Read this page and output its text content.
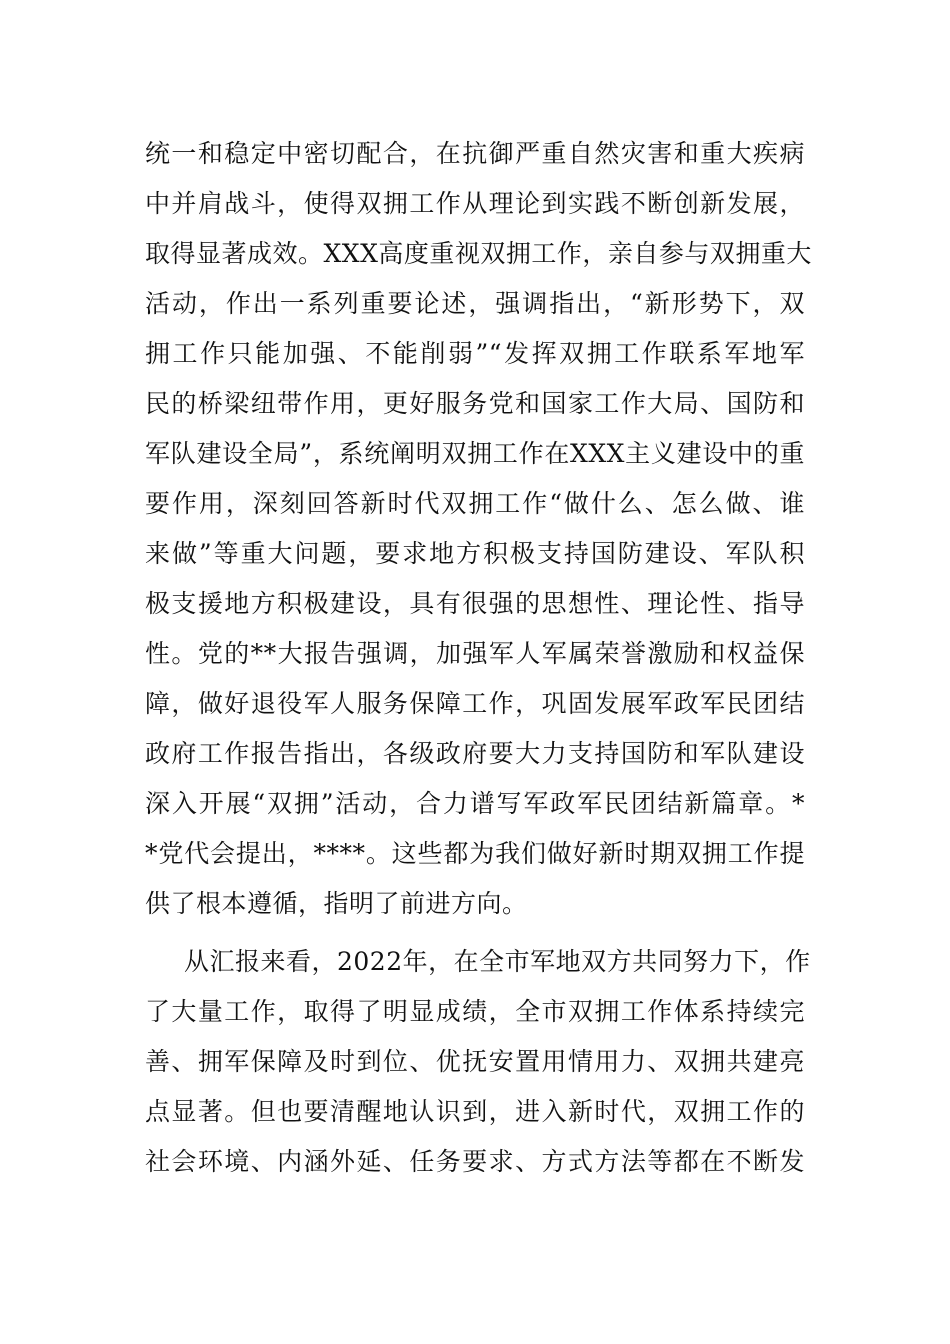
统一和稳定中密切配合，在抗御严重自然灾害和重大疾病
中并肩战斗，使得双拥工作从理论到实践不断创新发展，
取得显著成效。XXX高度重视双拥工作，亲自参与双拥重大
活动，作出一系列重要论述，强调指出，“新形势下，双
拥工作只能加强、不能削弱”“发挥双拥工作联系军地军
民的桥梁纽带作用，更好服务党和国家工作大局、国防和
军队建设全局”，系统阐明双拥工作在XXX主义建设中的重
要作用，深刻回答新时代双拥工作“做什么、怎么做、谁
来做”等重大问题，要求地方积极支持国防建设、军队积
极支援地方积极建设，具有很强的思想性、理论性、指导
性。党的**大报告强调，加强军人军属荣誉激励和权益保
障，做好退役军人服务保障工作，巩固发展军政军民团结
政府工作报告指出，各级政府要大力支持国防和军队建设
深入开展“双拥”活动，合力谱写军政军民团结新篇章。*
*党代会提出，****。这些都为我们做好新时期双拥工作提
供了根本遵循，指明了前进方向。
从汇报来看，2022年，在全市军地双方共同努力下，作
了大量工作，取得了明显成绩，全市双拥工作体系持续完
善、拥军保障及时到位、优抚安置用情用力、双拥共建亮
点显著。但也要清醒地认识到，进入新时代，双拥工作的
社会环境、内涵外延、任务要求、方式方法等都在不断发
